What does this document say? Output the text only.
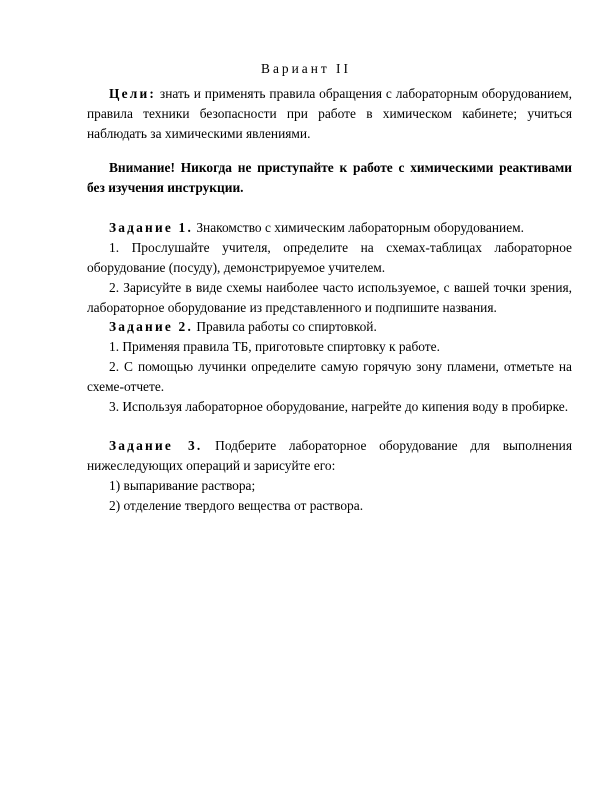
Вариант II

Цели: знать и применять правила обращения с лабораторным оборудованием, правила техники безопасности при работе в химическом кабинете; учиться наблюдать за химическими явлениями.

Внимание! Никогда не приступайте к работе с химическими реактивами без изучения инструкции.

Задание 1. Знакомство с химическим лабораторным оборудованием.

1. Прослушайте учителя, определите на схемах-таблицах лабораторное оборудование (посуду), демонстрируемое учителем.

2. Зарисуйте в виде схемы наиболее часто используемое, с вашей точки зрения, лабораторное оборудование из представленного и подпишите названия.

Задание 2. Правила работы со спиртовкой.

1. Применяя правила ТБ, приготовьте спиртовку к работе.

2. С помощью лучинки определите самую горячую зону пламени, отметьте на схеме-отчете.

3. Используя лабораторное оборудование, нагрейте до кипения воду в пробирке.

Задание 3. Подберите лабораторное оборудование для выполнения нижеследующих операций и зарисуйте его:

1) выпаривание раствора;

2) отделение твердого вещества от раствора.
